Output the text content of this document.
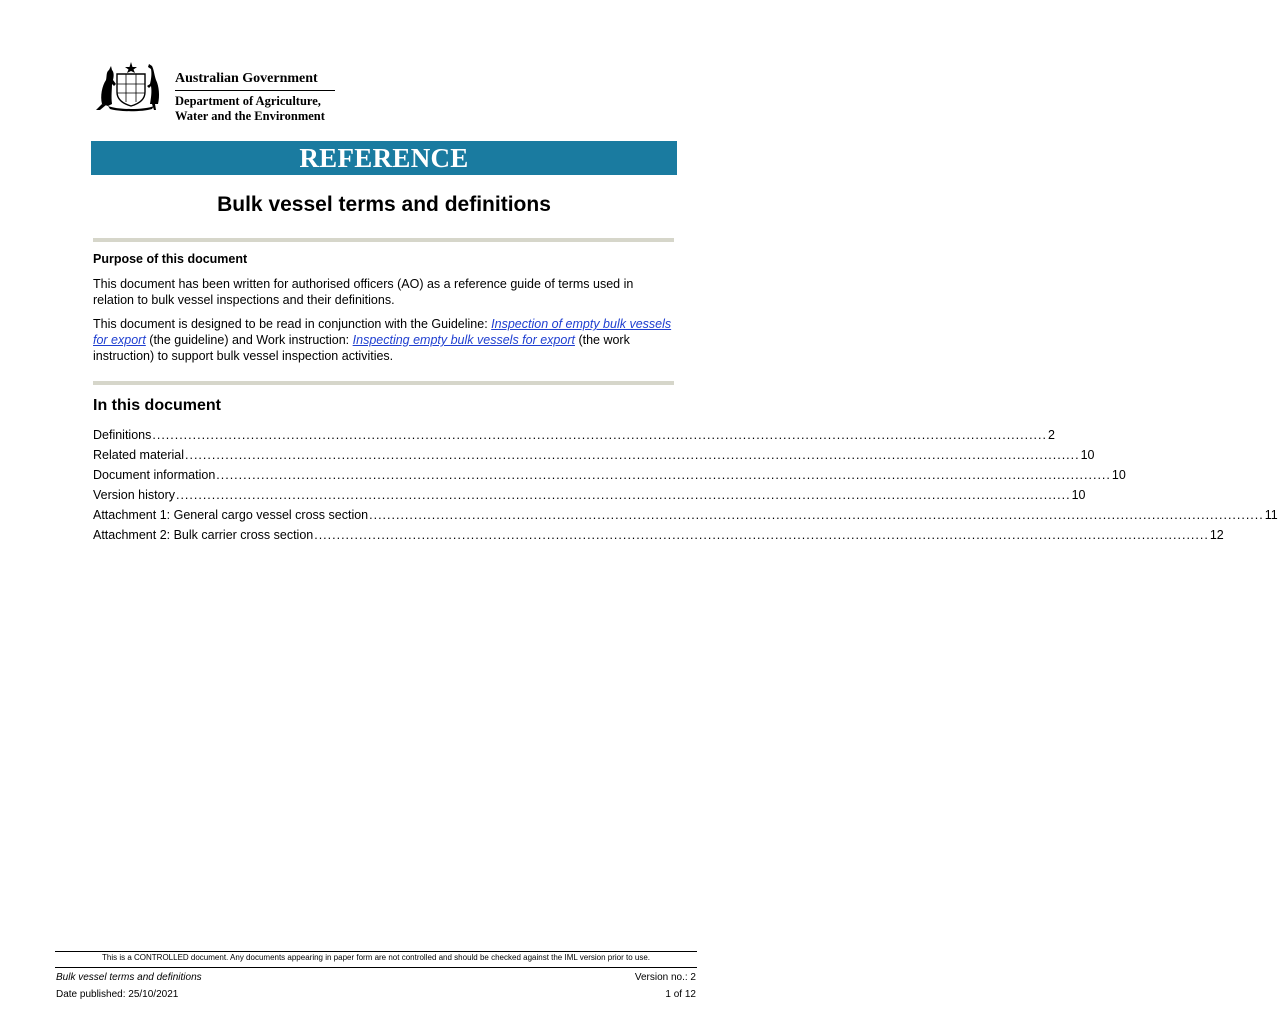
Australian Government
Department of Agriculture,
Water and the Environment
REFERENCE
Bulk vessel terms and definitions
Purpose of this document
This document has been written for authorised officers (AO) as a reference guide of terms used in relation to bulk vessel inspections and their definitions.
This document is designed to be read in conjunction with the Guideline: Inspection of empty bulk vessels for export (the guideline) and Work instruction: Inspecting empty bulk vessels for export (the work instruction) to support bulk vessel inspection activities.
In this document
Definitions ........................................................................................................................................................................................................ 2
Related material ........................................................................................................................................................................................................ 10
Document information ........................................................................................................................................................................................................ 10
Version history ........................................................................................................................................................................................................ 10
Attachment 1: General cargo vessel cross section ........................................................................................................................................................................................................ 11
Attachment 2: Bulk carrier cross section ........................................................................................................................................................................................................ 12
This is a CONTROLLED document. Any documents appearing in paper form are not controlled and should be checked against the IML version prior to use.
Bulk vessel terms and definitions
Date published: 25/10/2021
Version no.: 2
1 of 12
